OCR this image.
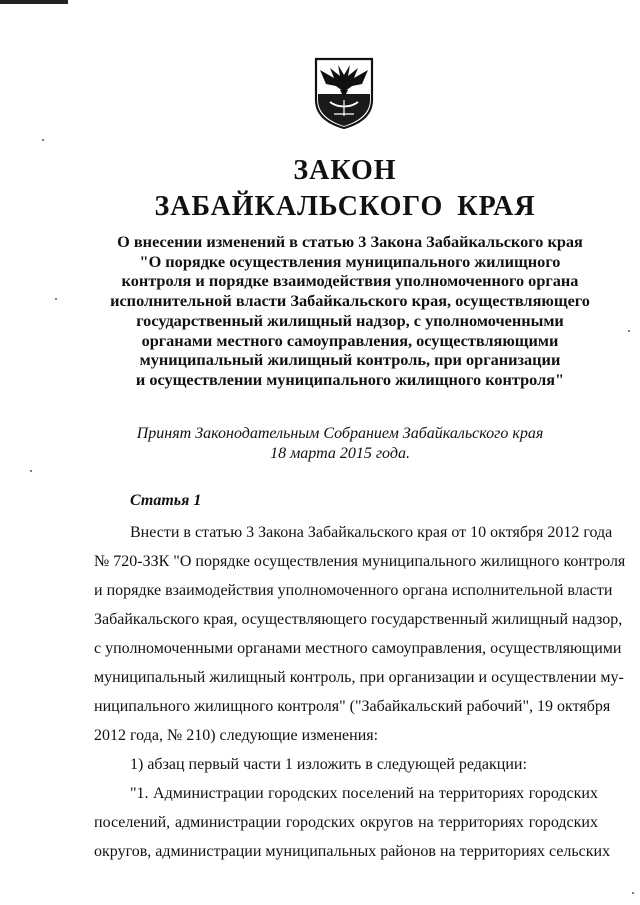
ЗАКОН
ЗАБАЙКАЛЬСКОГО КРАЯ
О внесении изменений в статью 3 Закона Забайкальского края
"О порядке осуществления муниципального жилищного
контроля и порядке взаимодействия уполномоченного органа
исполнительной власти Забайкальского края, осуществляющего
государственный жилищный надзор, с уполномоченными
органами местного самоуправления, осуществляющими
муниципальный жилищный контроль, при организации
и осуществлении муниципального жилищного контроля"
Принят Законодательным Собранием Забайкальского края
18 марта 2015 года.
Статья 1
Внести в статью 3 Закона Забайкальского края от 10 октября 2012 года
№ 720-ЗЗК "О порядке осуществления муниципального жилищного контроля
и порядке взаимодействия уполномоченного органа исполнительной власти
Забайкальского края, осуществляющего государственный жилищный надзор,
с уполномоченными органами местного самоуправления, осуществляющими
муниципальный жилищный контроль, при организации и осуществлении му-
ниципального жилищного контроля" ("Забайкальский рабочий", 19 октября
2012 года, № 210) следующие изменения:
1) абзац первый части 1 изложить в следующей редакции:
"1. Администрации городских поселений на территориях городских
поселений, администрации городских округов на территориях городских
округов, администрации муниципальных районов на территориях сельских
